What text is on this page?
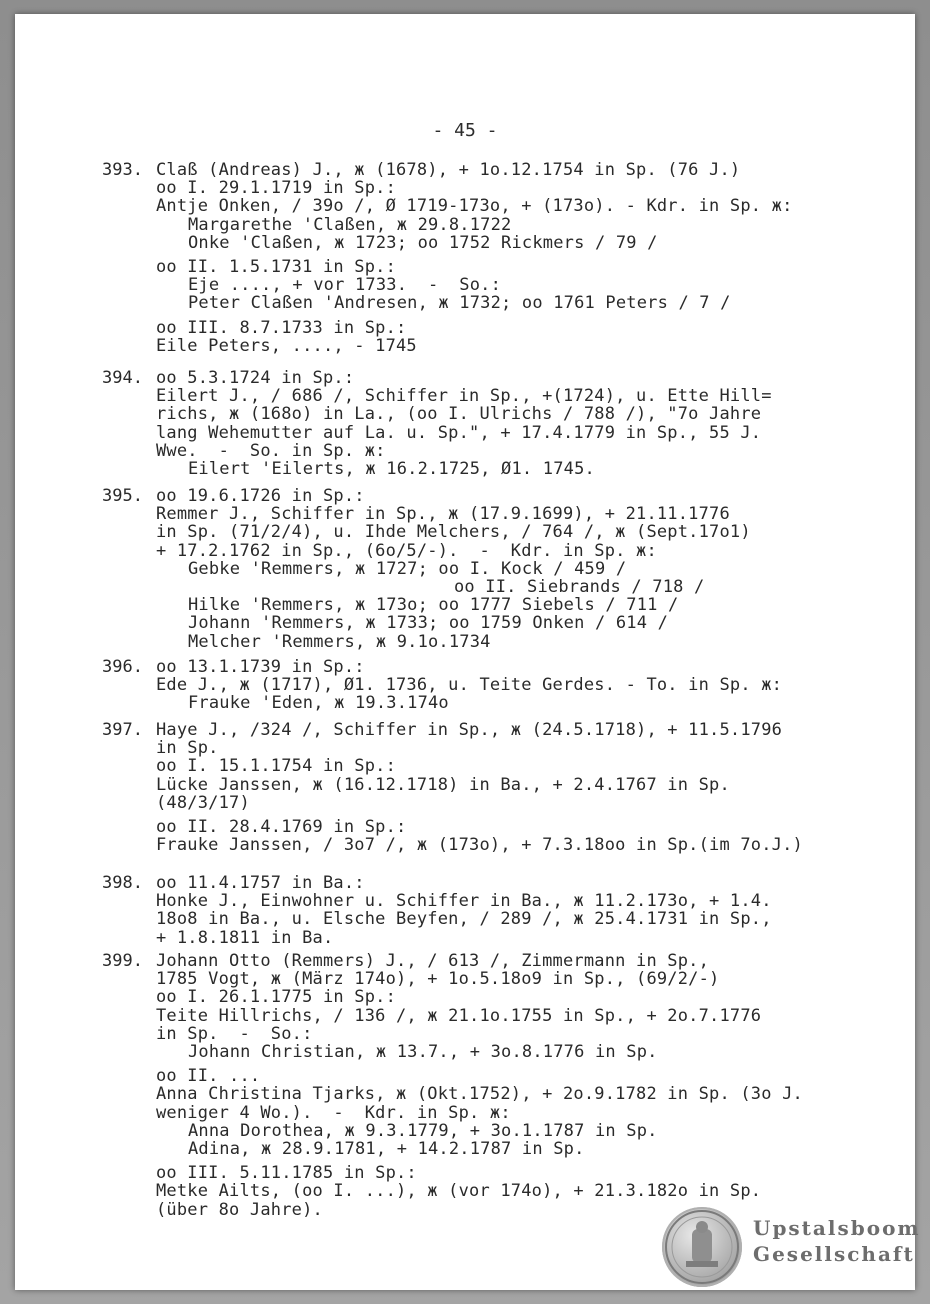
- 45 -
393. Claß (Andreas) J., ж (1678), + 1o.12.1754 in Sp. (76 J.)
oo I. 29.1.1719 in Sp.:
Antje Onken, / 39o /, Ø 1719-173o, + (173o). - Kdr. in Sp. ж:
Margarethe 'Claßen, ж 29.8.1722
Onke 'Claßen, ж 1723; oo 1752 Rickmers / 79 /
oo II. 1.5.1731 in Sp.:
Eje ...., + vor 1733.  -  So.:
Peter Claßen 'Andresen, ж 1732; oo 1761 Peters / 7 /
oo III. 8.7.1733 in Sp.:
Eile Peters, ...., - 1745
394. oo 5.3.1724 in Sp.:
Eilert J., / 686 /, Schiffer in Sp., +(1724), u. Ette Hill=
richs, ж (168o) in La., (oo I. Ulrichs / 788 /), "7o Jahre
lang Wehemutter auf La. u. Sp.", + 17.4.1779 in Sp., 55 J.
Wwe.  -  So. in Sp. ж:
Eilert 'Eilerts, ж 16.2.1725, Ø1. 1745.
395. oo 19.6.1726 in Sp.:
Remmer J., Schiffer in Sp., ж (17.9.1699), + 21.11.1776
in Sp. (71/2/4), u. Ihde Melchers, / 764 /, ж (Sept.17o1)
+ 17.2.1762 in Sp., (6o/5/-).  -  Kdr. in Sp. ж:
Gebke 'Remmers, ж 1727; oo I. Kock / 459 /
oo II. Siebrands / 718 /
Hilke 'Remmers, ж 173o; oo 1777 Siebels / 711 /
Johann 'Remmers, ж 1733; oo 1759 Onken / 614 /
Melcher 'Remmers, ж 9.1o.1734
396. oo 13.1.1739 in Sp.:
Ede J., ж (1717), Ø1. 1736, u. Teite Gerdes. - To. in Sp. ж:
Frauke 'Eden, ж 19.3.174o
397. Haye J., /324 /, Schiffer in Sp., ж (24.5.1718), + 11.5.1796
in Sp.
oo I. 15.1.1754 in Sp.:
Lücke Janssen, ж (16.12.1718) in Ba., + 2.4.1767 in Sp.
(48/3/17)
oo II. 28.4.1769 in Sp.:
Frauke Janssen, / 3o7 /, ж (173o), + 7.3.18oo in Sp.(im 7o.J.)
398. oo 11.4.1757 in Ba.:
Honke J., Einwohner u. Schiffer in Ba., ж 11.2.173o, + 1.4.
18o8 in Ba., u. Elsche Beyfen, / 289 /, ж 25.4.1731 in Sp.,
+ 1.8.1811 in Ba.
399. Johann Otto (Remmers) J., / 613 /, Zimmermann in Sp.,
1785 Vogt, ж (März 174o), + 1o.5.18o9 in Sp., (69/2/-)
oo I. 26.1.1775 in Sp.:
Teite Hillrichs, / 136 /, ж 21.1o.1755 in Sp., + 2o.7.1776
in Sp.  -  So.:
Johann Christian, ж 13.7., + 3o.8.1776 in Sp.
oo II. ...
Anna Christina Tjarks, ж (Okt.1752), + 2o.9.1782 in Sp. (3o J.
weniger 4 Wo.).  -  Kdr. in Sp. ж:
Anna Dorothea, ж 9.3.1779, + 3o.1.1787 in Sp.
Adina, ж 28.9.1781, + 14.2.1787 in Sp.
oo III. 5.11.1785 in Sp.:
Metke Ailts, (oo I. ...), ж (vor 174o), + 21.3.182o in Sp.
(über 8o Jahre).
Upstalsboom
Gesellschaft
